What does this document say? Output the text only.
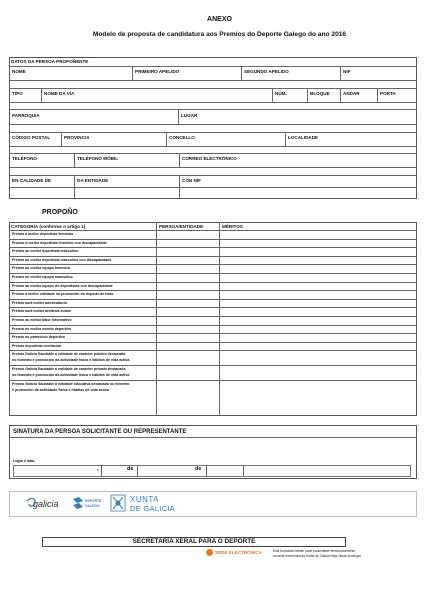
ANEXO
Modelo de proposta de candidatura aos Premios do Deporte Galego do ano 2016
DATOS DA PERSOA PROPOÑENTE
NOME	PRIMEIRO APELIDO	SEGUNDO APELIDO	NIF
TIPO	NOME DA VÍA	NÚM.	BLOQUE	ANDAR	PORTA
PARROQUIA	LUGAR
CÓDIGO POSTAL	PROVINCIA	CONCELLO	LOCALIDADE
TELÉFONO	TELÉFONO MÓBIL	CORREO ELECTRÓNICO
EN CALIDADE DE	DA ENTIDADE	CON NIF
PROPOÑO
CATEGORÍA (conforme o artigo 1)	PERSOA/ENTIDADE	MÉRITOS
Premio á mellor deportista feminina
Premio ó mellor deportista feminino con discapacidade
Premio ao mellor deportista masculino
Premio ao mellor deportista masculino con discapacidade
Premio ao mellor equipo feminino
Premio ao mellor equipo masculino
Premio ao mellor equipo de deportistas con discapacidade
Premio á mellor entidade na promoción do deporte de base
Premio ao/á mellor adestrador/a
Premio ao/á mellor árbitro/a xuíz/a
Premio ao mellor labor informativo
Premio ao mellor evento deportivo
Premio ao patrocinio deportivo
Premio deportista revelación
Premio Galicia Saudable á entidade de carácter público destacada
no fomento e promoción da actividade física e hábitos de vida activa
Premio Galicia Saudable á entidade de carácter privado destacada
no fomento e promoción da actividade física e hábitos de vida activa
Premio Galicia Saudable á entidade educativa destacada no fomento
e promoción da actividade física e hábitos de vida activa
SINATURA DA PERSOA SOLICITANTE OU REPRESENTANTE
Lugar e data
,	de	de
galicia	DEPORTE
GALEGO
XUNTA
DE GALICIA
SECRETARÍA XERAL PARA O DEPORTE
SEDE ELECTRÓNICA	Este formulario tamén pode presentarse electronicamente
na sede electrónica da Xunta de Galicia https://sede.xunta.gal
